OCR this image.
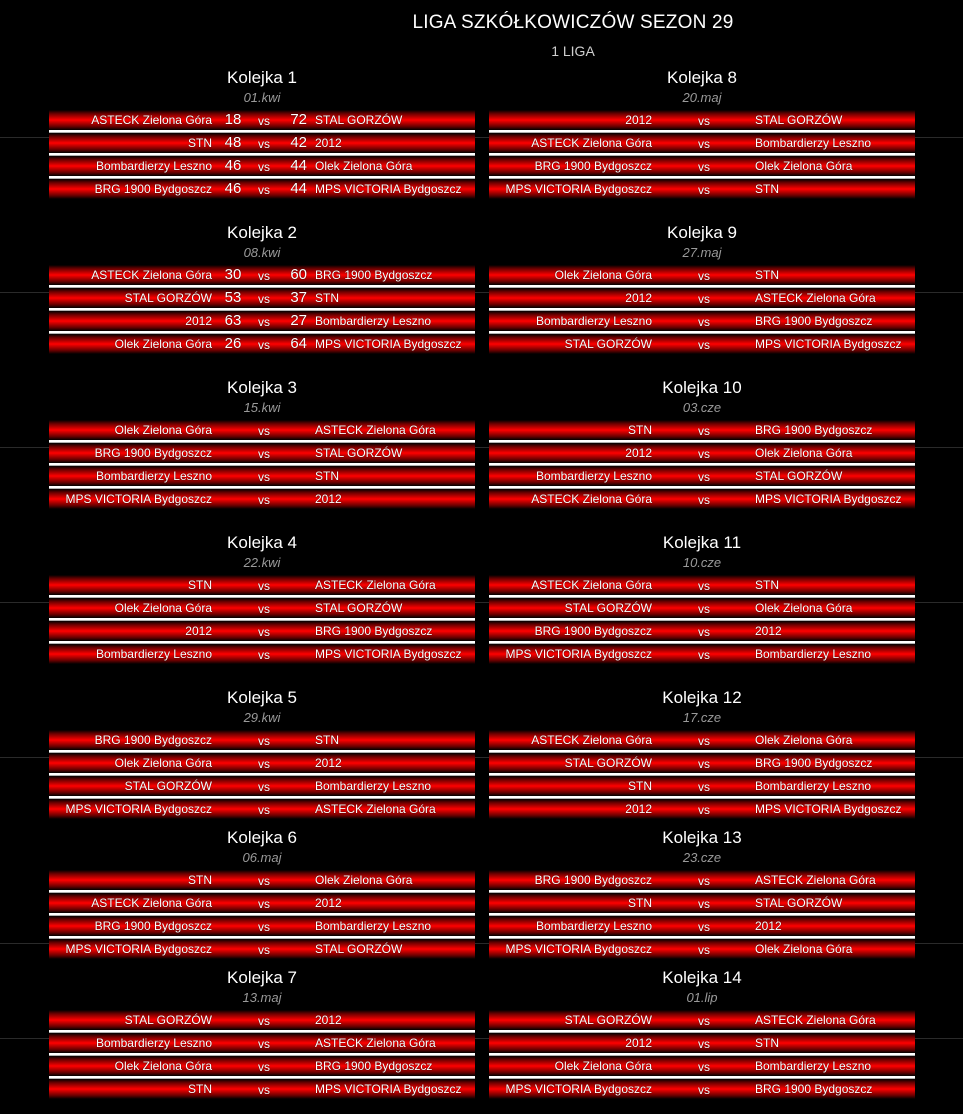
LIGA SZKÓŁKOWICZÓW SEZON 29
1 LIGA
Kolejka 1
01.kwi
ASTECK Zielona Góra 18	vs	72 STAL GORZÓW
STN 48	vs	42 2012
Bombardierzy Leszno 46	vs	44 Olek Zielona Góra
BRG 1900 Bydgoszcz 46	vs	44 MPS VICTORIA Bydgoszcz
Kolejka 2
08.kwi
ASTECK Zielona Góra 30	vs	60 BRG 1900 Bydgoszcz
STAL GORZÓW 53	vs	37 STN
2012 63	vs	27 Bombardierzy Leszno
Olek Zielona Góra 26	vs	64 MPS VICTORIA Bydgoszcz
Kolejka 3
15.kwi
Olek Zielona Góra	vs	ASTECK Zielona Góra
BRG 1900 Bydgoszcz	vs	STAL GORZÓW
Bombardierzy Leszno	vs	STN
MPS VICTORIA Bydgoszcz	vs	2012
Kolejka 4
22.kwi
STN	vs	ASTECK Zielona Góra
Olek Zielona Góra	vs	STAL GORZÓW
2012	vs	BRG 1900 Bydgoszcz
Bombardierzy Leszno	vs	MPS VICTORIA Bydgoszcz
Kolejka 5
29.kwi
BRG 1900 Bydgoszcz	vs	STN
Olek Zielona Góra	vs	2012
STAL GORZÓW	vs	Bombardierzy Leszno
MPS VICTORIA Bydgoszcz	vs	ASTECK Zielona Góra
Kolejka 6
06.maj
STN	vs	Olek Zielona Góra
ASTECK Zielona Góra	vs	2012
BRG 1900 Bydgoszcz	vs	Bombardierzy Leszno
MPS VICTORIA Bydgoszcz	vs	STAL GORZÓW
Kolejka 7
13.maj
STAL GORZÓW	vs	2012
Bombardierzy Leszno	vs	ASTECK Zielona Góra
Olek Zielona Góra	vs	BRG 1900 Bydgoszcz
STN	vs	MPS VICTORIA Bydgoszcz
Kolejka 8
20.maj
2012	vs	STAL GORZÓW
ASTECK Zielona Góra	vs	Bombardierzy Leszno
BRG 1900 Bydgoszcz	vs	Olek Zielona Góra
MPS VICTORIA Bydgoszcz	vs	STN
Kolejka 9
27.maj
Olek Zielona Góra	vs	STN
2012	vs	ASTECK Zielona Góra
Bombardierzy Leszno	vs	BRG 1900 Bydgoszcz
STAL GORZÓW	vs	MPS VICTORIA Bydgoszcz
Kolejka 10
03.cze
STN	vs	BRG 1900 Bydgoszcz
2012	vs	Olek Zielona Góra
Bombardierzy Leszno	vs	STAL GORZÓW
ASTECK Zielona Góra	vs	MPS VICTORIA Bydgoszcz
Kolejka 11
10.cze
ASTECK Zielona Góra	vs	STN
STAL GORZÓW	vs	Olek Zielona Góra
BRG 1900 Bydgoszcz	vs	2012
MPS VICTORIA Bydgoszcz	vs	Bombardierzy Leszno
Kolejka 12
17.cze
ASTECK Zielona Góra	vs	Olek Zielona Góra
STAL GORZÓW	vs	BRG 1900 Bydgoszcz
STN	vs	Bombardierzy Leszno
2012	vs	MPS VICTORIA Bydgoszcz
Kolejka 13
23.cze
BRG 1900 Bydgoszcz	vs	ASTECK Zielona Góra
STN	vs	STAL GORZÓW
Bombardierzy Leszno	vs	2012
MPS VICTORIA Bydgoszcz	vs	Olek Zielona Góra
Kolejka 14
01.lip
STAL GORZÓW	vs	ASTECK Zielona Góra
2012	vs	STN
Olek Zielona Góra	vs	Bombardierzy Leszno
MPS VICTORIA Bydgoszcz	vs	BRG 1900 Bydgoszcz
